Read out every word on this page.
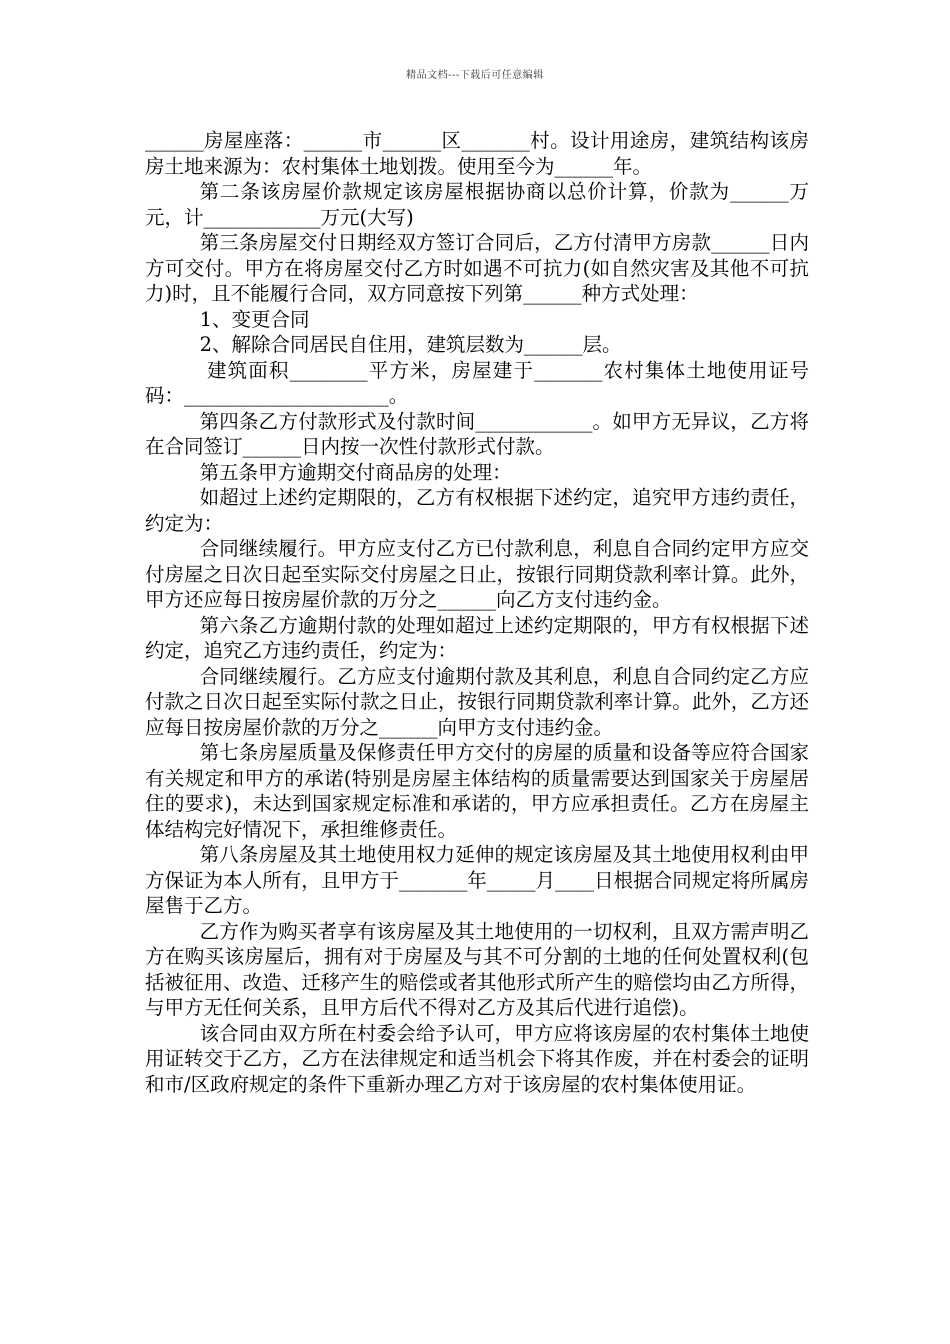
精品文档---下载后可任意编辑

______房屋座落：______市______区_______村。设计用途房，建筑结构该房房土地来源为：农村集体土地划拨。使用至今为______年。

第二条该房屋价款规定该房屋根据协商以总价计算，价款为______万元，计____________万元(大写)

第三条房屋交付日期经双方签订合同后，乙方付清甲方房款______日内方可交付。甲方在将房屋交付乙方时如遇不可抗力(如自然灾害及其他不可抗力)时，且不能履行合同，双方同意按下列第______种方式处理：

1、变更合同

2、解除合同居民自住用，建筑层数为______层。

建筑面积________平方米，房屋建于_______农村集体土地使用证号码：_____________________。

第四条乙方付款形式及付款时间____________。如甲方无异议，乙方将在合同签订______日内按一次性付款形式付款。

第五条甲方逾期交付商品房的处理：

如超过上述约定期限的，乙方有权根据下述约定，追究甲方违约责任，约定为：

合同继续履行。甲方应支付乙方已付款利息，利息自合同约定甲方应交付房屋之日次日起至实际交付房屋之日止，按银行同期贷款利率计算。此外，甲方还应每日按房屋价款的万分之______向乙方支付违约金。

第六条乙方逾期付款的处理如超过上述约定期限的，甲方有权根据下述约定，追究乙方违约责任，约定为：

合同继续履行。乙方应支付逾期付款及其利息，利息自合同约定乙方应付款之日次日起至实际付款之日止，按银行同期贷款利率计算。此外，乙方还应每日按房屋价款的万分之______向甲方支付违约金。

第七条房屋质量及保修责任甲方交付的房屋的质量和设备等应符合国家有关规定和甲方的承诺(特别是房屋主体结构的质量需要达到国家关于房屋居住的要求)，未达到国家规定标准和承诺的，甲方应承担责任。乙方在房屋主体结构完好情况下，承担维修责任。

第八条房屋及其土地使用权力延伸的规定该房屋及其土地使用权利由甲方保证为本人所有，且甲方于_______年_____月____日根据合同规定将所属房屋售于乙方。

乙方作为购买者享有该房屋及其土地使用的一切权利，且双方需声明乙方在购买该房屋后，拥有对于房屋及与其不可分割的土地的任何处置权利(包括被征用、改造、迁移产生的赔偿或者其他形式所产生的赔偿均由乙方所得，与甲方无任何关系，且甲方后代不得对乙方及其后代进行追偿)。

该合同由双方所在村委会给予认可，甲方应将该房屋的农村集体土地使用证转交于乙方，乙方在法律规定和适当机会下将其作废，并在村委会的证明和市/区政府规定的条件下重新办理乙方对于该房屋的农村集体使用证。
